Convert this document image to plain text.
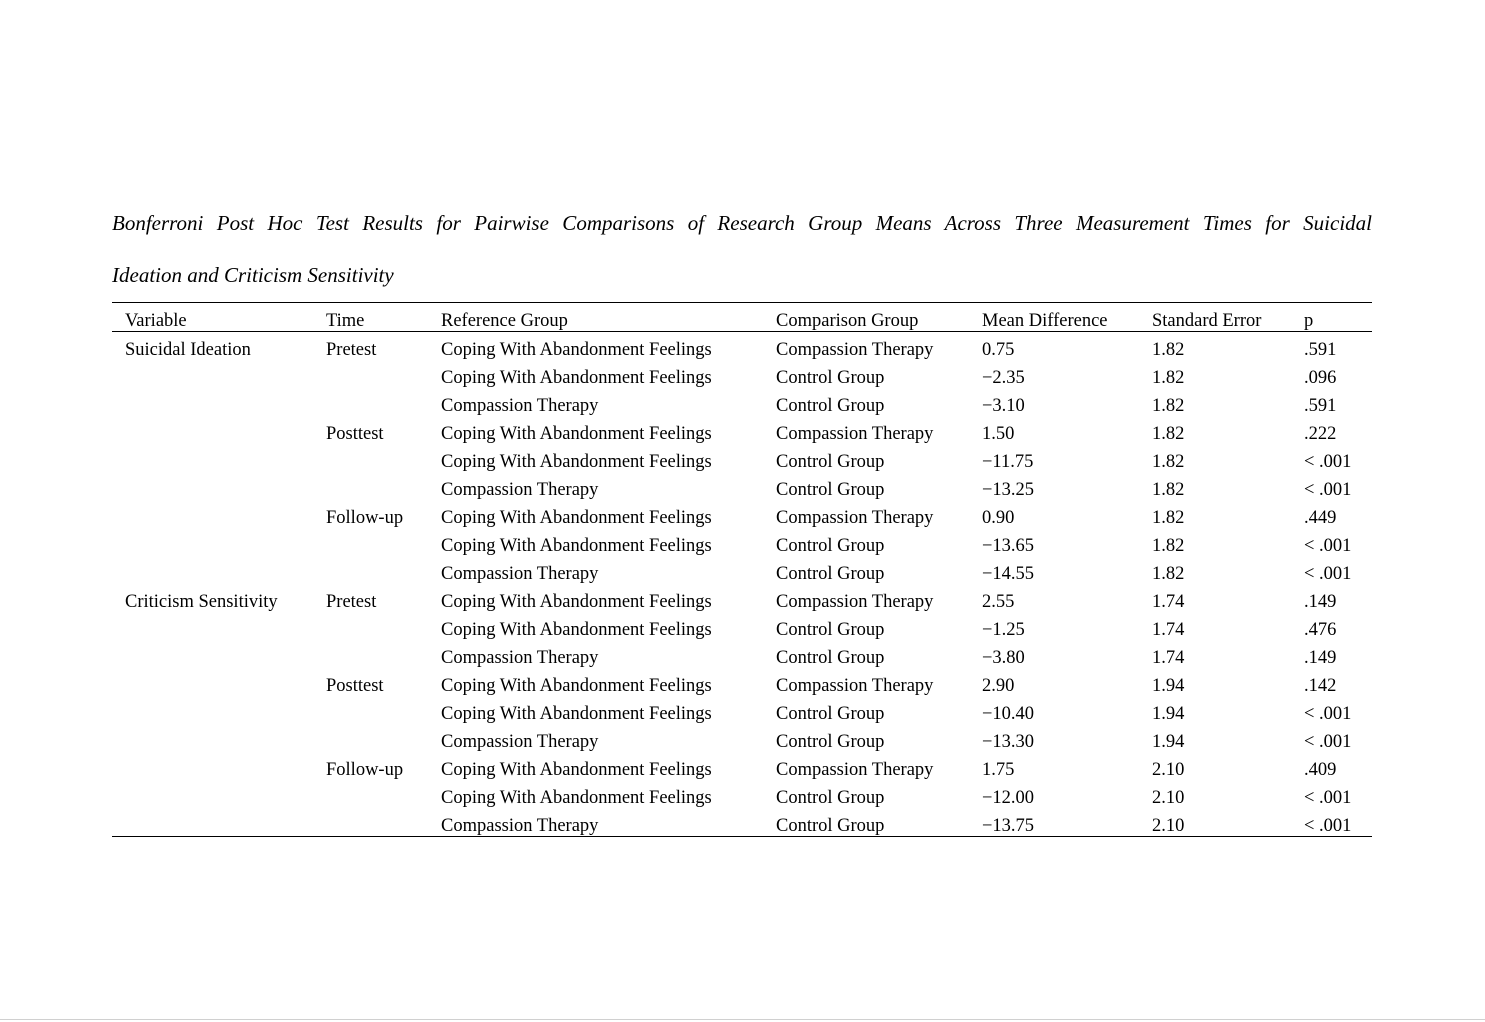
Bonferroni Post Hoc Test Results for Pairwise Comparisons of Research Group Means Across Three Measurement Times for Suicidal
Ideation and Criticism Sensitivity
Variable	Time	Reference Group	Comparison Group	Mean Difference	Standard Error	p
Suicidal Ideation	Pretest	Coping With Abandonment Feelings	Compassion Therapy	0.75	1.82	.591
		Coping With Abandonment Feelings	Control Group	−2.35	1.82	.096
		Compassion Therapy	Control Group	−3.10	1.82	.591
	Posttest	Coping With Abandonment Feelings	Compassion Therapy	1.50	1.82	.222
		Coping With Abandonment Feelings	Control Group	−11.75	1.82	< .001
		Compassion Therapy	Control Group	−13.25	1.82	< .001
	Follow-up	Coping With Abandonment Feelings	Compassion Therapy	0.90	1.82	.449
		Coping With Abandonment Feelings	Control Group	−13.65	1.82	< .001
		Compassion Therapy	Control Group	−14.55	1.82	< .001
Criticism Sensitivity	Pretest	Coping With Abandonment Feelings	Compassion Therapy	2.55	1.74	.149
		Coping With Abandonment Feelings	Control Group	−1.25	1.74	.476
		Compassion Therapy	Control Group	−3.80	1.74	.149
	Posttest	Coping With Abandonment Feelings	Compassion Therapy	2.90	1.94	.142
		Coping With Abandonment Feelings	Control Group	−10.40	1.94	< .001
		Compassion Therapy	Control Group	−13.30	1.94	< .001
	Follow-up	Coping With Abandonment Feelings	Compassion Therapy	1.75	2.10	.409
		Coping With Abandonment Feelings	Control Group	−12.00	2.10	< .001
		Compassion Therapy	Control Group	−13.75	2.10	< .001
